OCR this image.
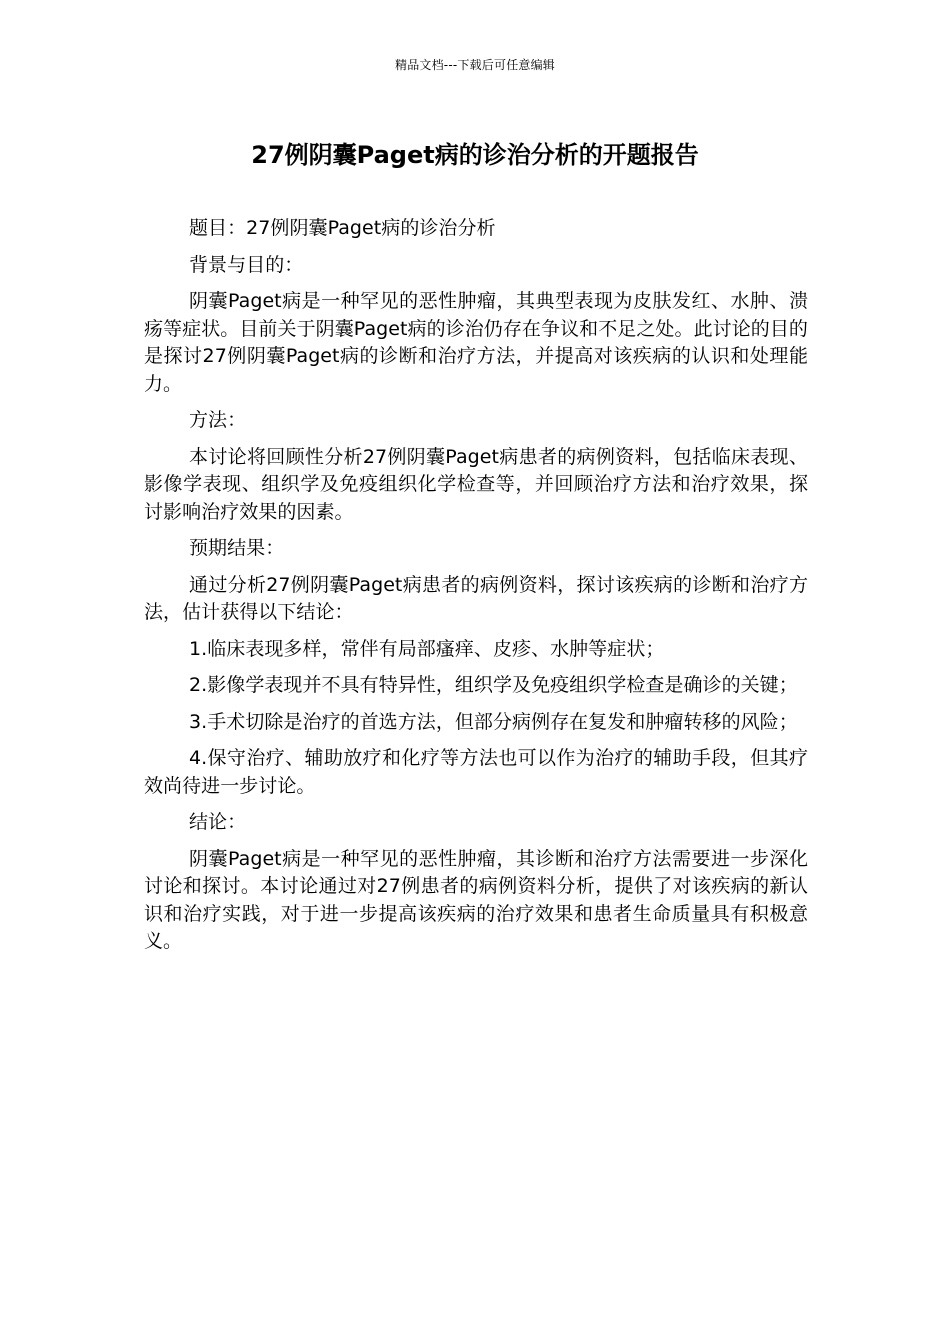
精品文档---下载后可任意编辑
27例阴囊Paget病的诊治分析的开题报告

题目：27例阴囊Paget病的诊治分析

背景与目的：

阴囊Paget病是一种罕见的恶性肿瘤，其典型表现为皮肤发红、水肿、溃疡等症状。目前关于阴囊Paget病的诊治仍存在争议和不足之处。此讨论的目的是探讨27例阴囊Paget病的诊断和治疗方法，并提高对该疾病的认识和处理能力。

方法：

本讨论将回顾性分析27例阴囊Paget病患者的病例资料，包括临床表现、影像学表现、组织学及免疫组织化学检查等，并回顾治疗方法和治疗效果，探讨影响治疗效果的因素。

预期结果：

通过分析27例阴囊Paget病患者的病例资料，探讨该疾病的诊断和治疗方法，估计获得以下结论：

1.临床表现多样，常伴有局部瘙痒、皮疹、水肿等症状；

2.影像学表现并不具有特异性，组织学及免疫组织学检查是确诊的关键；

3.手术切除是治疗的首选方法，但部分病例存在复发和肿瘤转移的风险；

4.保守治疗、辅助放疗和化疗等方法也可以作为治疗的辅助手段，但其疗效尚待进一步讨论。

结论：

阴囊Paget病是一种罕见的恶性肿瘤，其诊断和治疗方法需要进一步深化讨论和探讨。本讨论通过对27例患者的病例资料分析，提供了对该疾病的新认识和治疗实践，对于进一步提高该疾病的治疗效果和患者生命质量具有积极意义。
